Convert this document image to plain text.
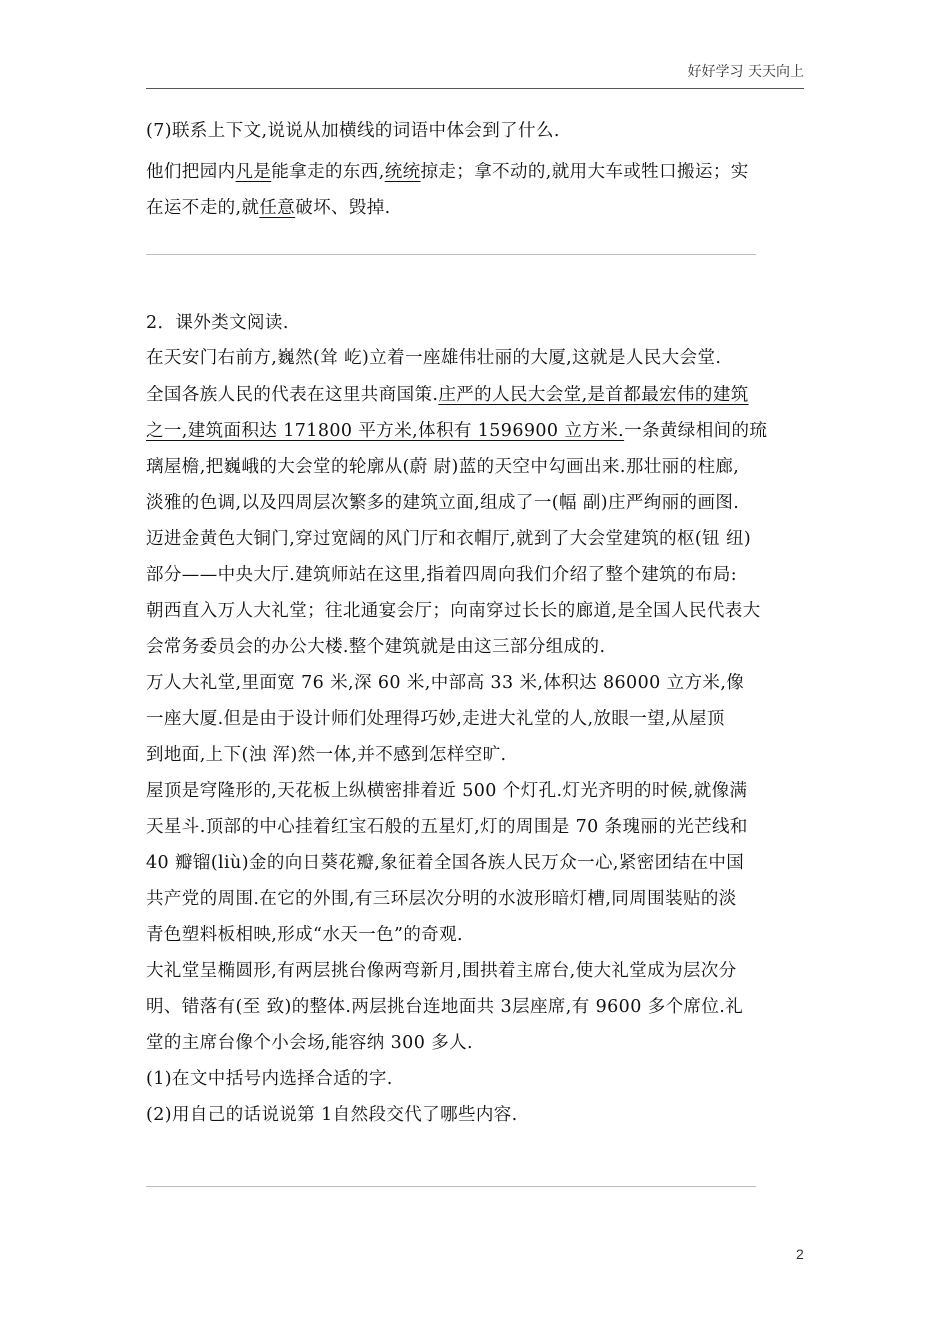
好好学习 天天向上
(7)联系上下文,说说从加横线的词语中体会到了什么.
他们把园内凡是能拿走的东西,统统掠走；拿不动的,就用大车或牲口搬运；实
在运不走的,就任意破坏、毁掉.
2．课外类文阅读.
在天安门右前方,巍然(耸 屹)立着一座雄伟壮丽的大厦,这就是人民大会堂.
全国各族人民的代表在这里共商国策.庄严的人民大会堂,是首都最宏伟的建筑
之一,建筑面积达 171800 平方米,体积有 1596900 立方米.一条黄绿相间的琉
璃屋檐,把巍峨的大会堂的轮廓从(蔚 尉)蓝的天空中勾画出来.那壮丽的柱廊,
淡雅的色调,以及四周层次繁多的建筑立面,组成了一(幅 副)庄严绚丽的画图.
迈进金黄色大铜门,穿过宽阔的风门厅和衣帽厅,就到了大会堂建筑的枢(钮 纽)
部分——中央大厅.建筑师站在这里,指着四周向我们介绍了整个建筑的布局:
朝西直入万人大礼堂；往北通宴会厅；向南穿过长长的廊道,是全国人民代表大
会常务委员会的办公大楼.整个建筑就是由这三部分组成的.
万人大礼堂,里面宽 76 米,深 60 米,中部高 33 米,体积达 86000 立方米,像
一座大厦.但是由于设计师们处理得巧妙,走进大礼堂的人,放眼一望,从屋顶
到地面,上下(浊 浑)然一体,并不感到怎样空旷.
屋顶是穹隆形的,天花板上纵横密排着近 500 个灯孔.灯光齐明的时候,就像满
天星斗.顶部的中心挂着红宝石般的五星灯,灯的周围是 70 条瑰丽的光芒线和
40 瓣镏(liù)金的向日葵花瓣,象征着全国各族人民万众一心,紧密团结在中国
共产党的周围.在它的外围,有三环层次分明的水波形暗灯槽,同周围装贴的淡
青色塑料板相映,形成“水天一色”的奇观.
大礼堂呈椭圆形,有两层挑台像两弯新月,围拱着主席台,使大礼堂成为层次分
明、错落有(至 致)的整体.两层挑台连地面共 3层座席,有 9600 多个席位.礼
堂的主席台像个小会场,能容纳 300 多人.
(1)在文中括号内选择合适的字.
(2)用自己的话说说第 1自然段交代了哪些内容.
2
